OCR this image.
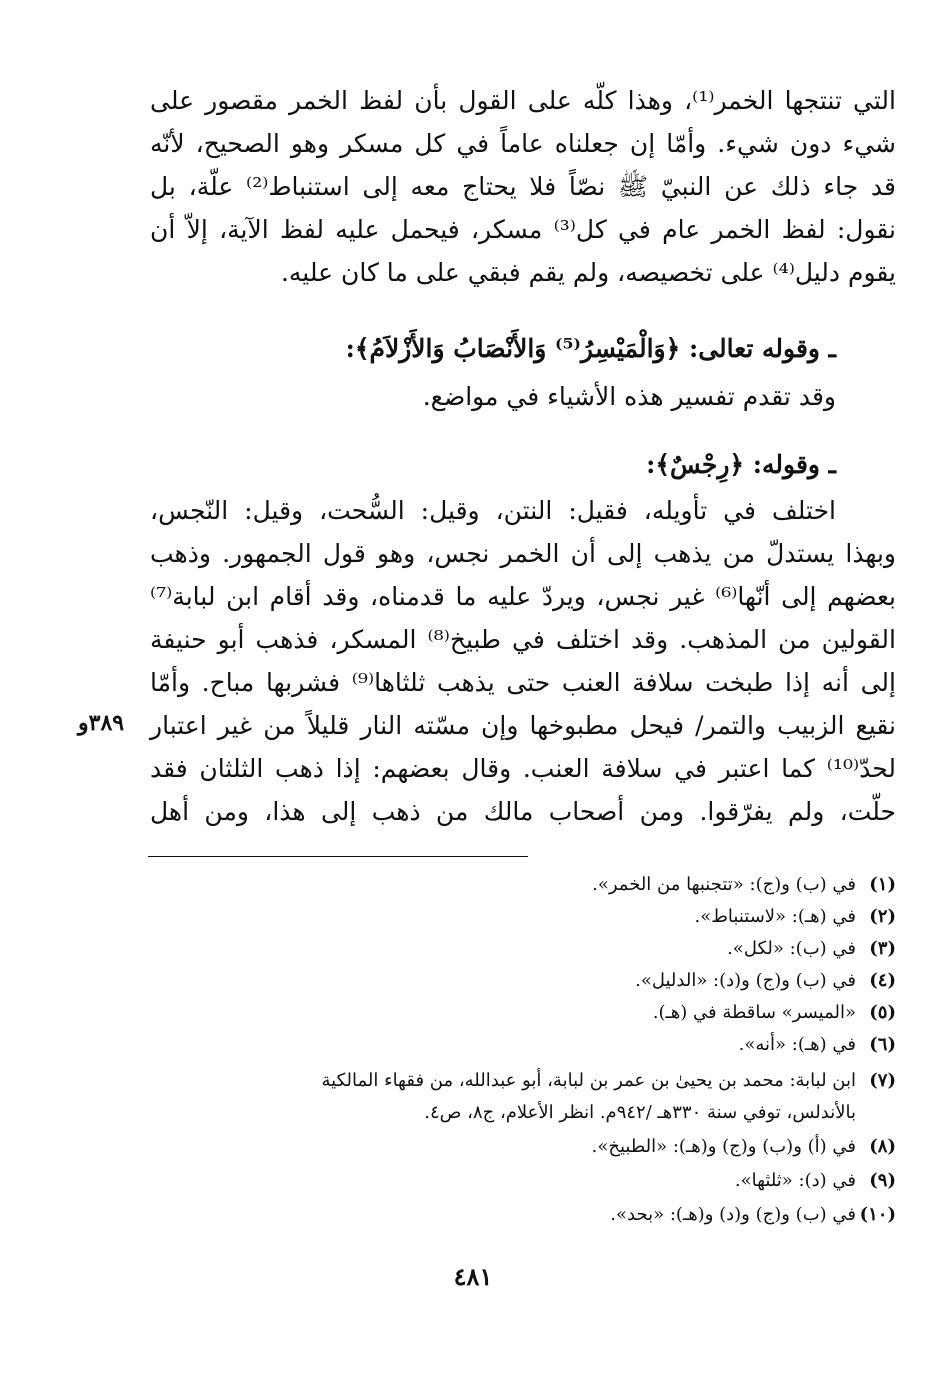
التي تنتجها الخمر⁽¹⁾، وهذا كلّه على القول بأن لفظ الخمر مقصور على
شيء دون شيء. وأمّا إن جعلناه عاماً في كل مسكر وهو الصحيح، لأنّه
قد جاء ذلك عن النبيّ ﷺ نصّاً فلا يحتاج معه إلى استنباط⁽²⁾ علّة، بل
نقول: لفظ الخمر عام في كل⁽³⁾ مسكر، فيحمل عليه لفظ الآية، إلاّ أن
يقوم دليل⁽⁴⁾ على تخصيصه، ولم يقم فبقي على ما كان عليه.
ـ وقوله تعالى: ﴿وَالْمَيْسِرُ⁽⁵⁾ وَالأَنْصَابُ وَالأَزْلاَمُ﴾:
وقد تقدم تفسير هذه الأشياء في مواضع.
ـ وقوله: ﴿رِجْسٌ﴾:
اختلف في تأويله، فقيل: النتن، وقيل: السُّحت، وقيل: النّجس،
وبهذا يستدلّ من يذهب إلى أن الخمر نجس، وهو قول الجمهور. وذهب
بعضهم إلى أنّها⁽⁶⁾ غير نجس، ويردّ عليه ما قدمناه، وقد أقام ابن لبابة⁽⁷⁾
القولين من المذهب. وقد اختلف في طبيخ⁽⁸⁾ المسكر، فذهب أبو حنيفة
إلى أنه إذا طبخت سلافة العنب حتى يذهب ثلثاها⁽⁹⁾ فشربها مباح. وأمّا
نقيع الزبيب والتمر/ فيحل مطبوخها وإن مسّته النار قليلاً من غير اعتبار
لحدّ⁽¹⁰⁾ كما اعتبر في سلافة العنب. وقال بعضهم: إذا ذهب الثلثان فقد
حلّت، ولم يفرّقوا. ومن أصحاب مالك من ذهب إلى هذا، ومن أهل
٣٨٩و
(١)في (ب) و(ج): «تتجنبها من الخمر».
(٢)في (هـ): «لاستنباط».
(٣)في (ب): «لكل».
(٤)في (ب) و(ج) و(د): «الدليل».
(٥)«الميسر» ساقطة في (هـ).
(٦)في (هـ): «أنه».
(٧)ابن لبابة: محمد بن يحيىٰ بن عمر بن لبابة، أبو عبدالله، من فقهاء المالكية
بالأندلس، توفي سنة ٣٣٠هـ /٩٤٢م. انظر الأعلام، ج٨، ص٤.
(٨)في (أ) و(ب) و(ج) و(هـ): «الطبيخ».
(٩)في (د): «ثلثها».
(١٠)في (ب) و(ج) و(د) و(هـ): «بحد».
٤٨١
